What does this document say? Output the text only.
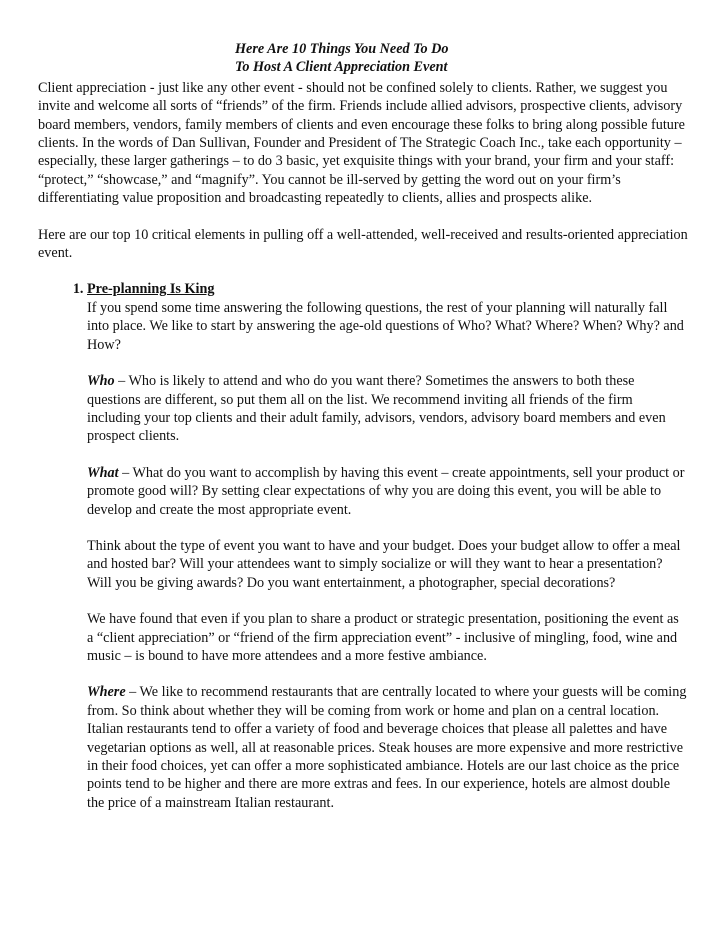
Here Are 10 Things You Need To Do
To Host A Client Appreciation Event

Client appreciation - just like any other event - should not be confined solely to clients. Rather, we suggest you invite and welcome all sorts of “friends” of the firm. Friends include allied advisors, prospective clients, advisory board members, vendors, family members of clients and even encourage these folks to bring along possible future clients. In the words of Dan Sullivan, Founder and President of The Strategic Coach Inc., take each opportunity – especially, these larger gatherings – to do 3 basic, yet exquisite things with your brand, your firm and your staff: “protect,” “showcase,” and “magnify”. You cannot be ill-served by getting the word out on your firm’s differentiating value proposition and broadcasting repeatedly to clients, allies and prospects alike.

Here are our top 10 critical elements in pulling off a well-attended, well-received and results-oriented appreciation event.

1. Pre-planning Is King

If you spend some time answering the following questions, the rest of your planning will naturally fall into place. We like to start by answering the age-old questions of Who? What? Where? When? Why? and How?

Who – Who is likely to attend and who do you want there? Sometimes the answers to both these questions are different, so put them all on the list. We recommend inviting all friends of the firm including your top clients and their adult family, advisors, vendors, advisory board members and even prospect clients.

What – What do you want to accomplish by having this event – create appointments, sell your product or promote good will? By setting clear expectations of why you are doing this event, you will be able to develop and create the most appropriate event.

Think about the type of event you want to have and your budget. Does your budget allow to offer a meal and hosted bar? Will your attendees want to simply socialize or will they want to hear a presentation? Will you be giving awards? Do you want entertainment, a photographer, special decorations?

We have found that even if you plan to share a product or strategic presentation, positioning the event as a “client appreciation” or “friend of the firm appreciation event” - inclusive of mingling, food, wine and music – is bound to have more attendees and a more festive ambiance.

Where – We like to recommend restaurants that are centrally located to where your guests will be coming from. So think about whether they will be coming from work or home and plan on a central location. Italian restaurants tend to offer a variety of food and beverage choices that please all palettes and have vegetarian options as well, all at reasonable prices. Steak houses are more expensive and more restrictive in their food choices, yet can offer a more sophisticated ambiance. Hotels are our last choice as the price points tend to be higher and there are more extras and fees. In our experience, hotels are almost double the price of a mainstream Italian restaurant.
